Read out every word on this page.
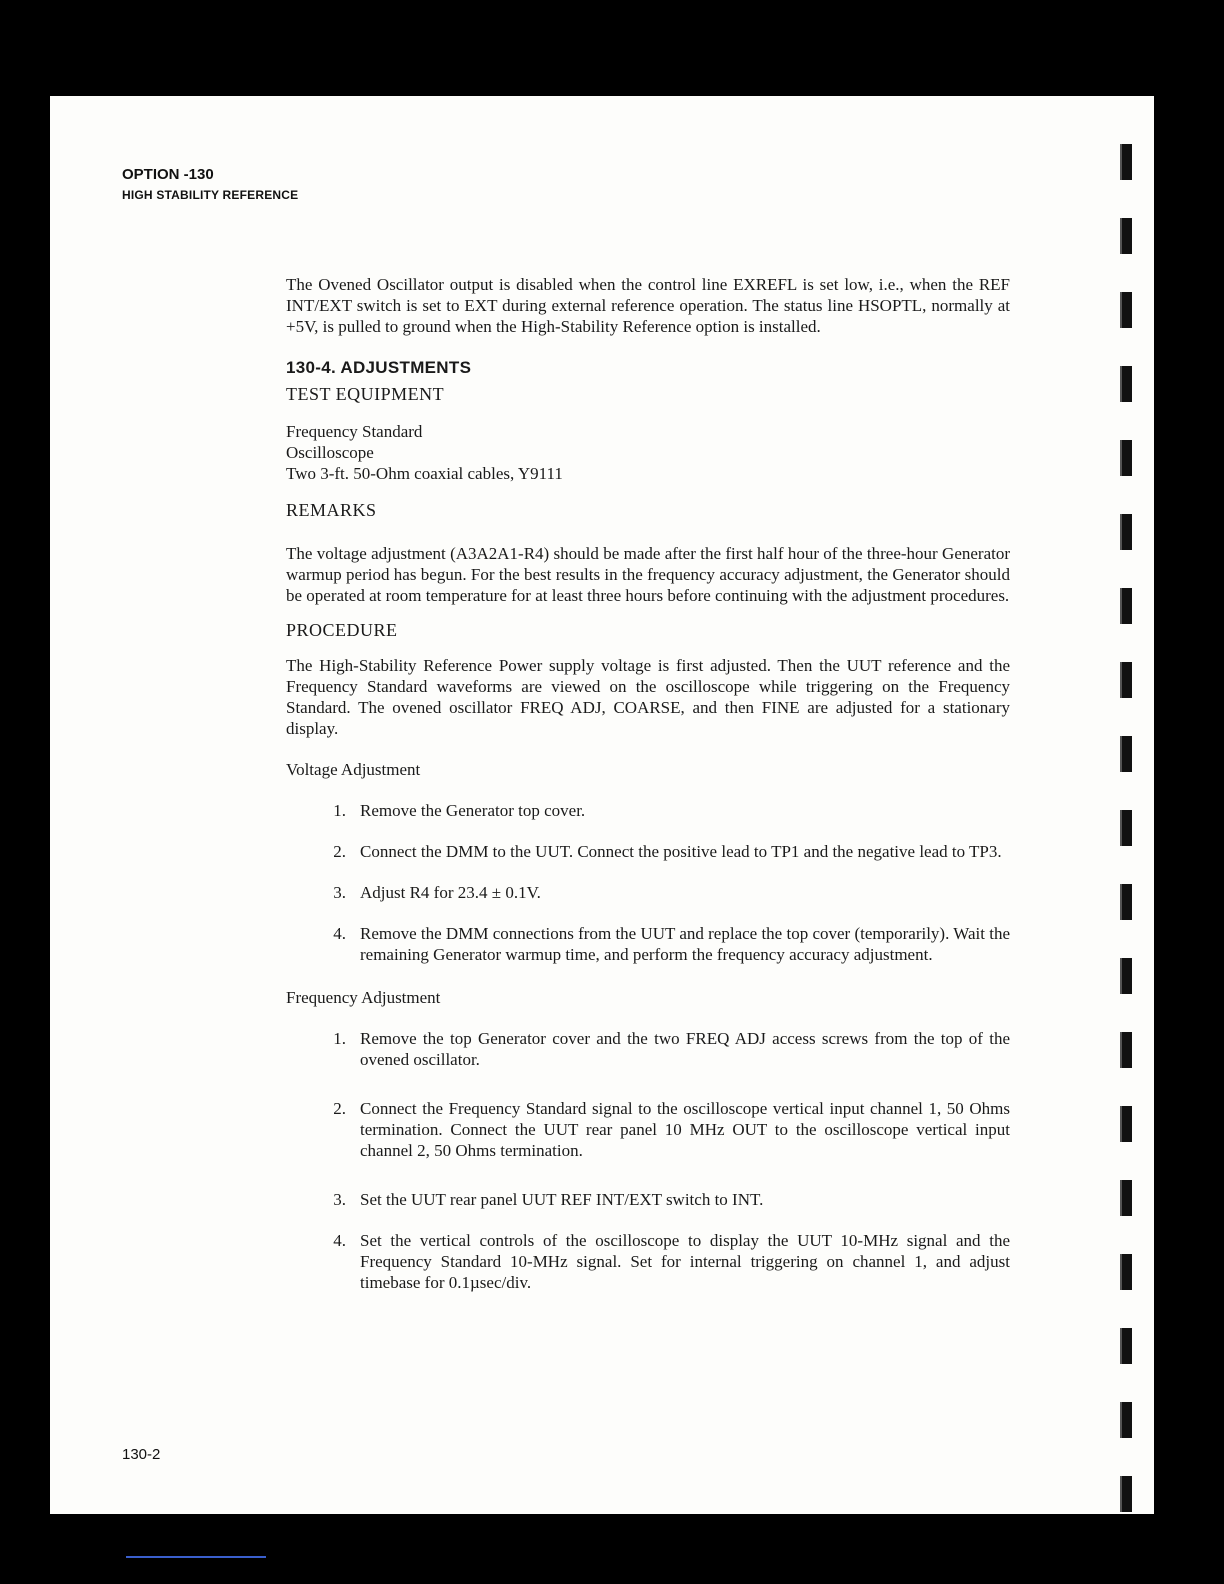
OPTION -130
HIGH STABILITY REFERENCE

The Ovened Oscillator output is disabled when the control line EXREFL is set low, i.e., when the REF INT/EXT switch is set to EXT during external reference operation. The status line HSOPTL, normally at +5V, is pulled to ground when the High-Stability Reference option is installed.

130-4. ADJUSTMENTS
TEST EQUIPMENT
Frequency Standard
Oscilloscope
Two 3-ft. 50-Ohm coaxial cables, Y9111
REMARKS

The voltage adjustment (A3A2A1-R4) should be made after the first half hour of the three-hour Generator warmup period has begun. For the best results in the frequency accuracy adjustment, the Generator should be operated at room temperature for at least three hours before continuing with the adjustment procedures.

PROCEDURE

The High-Stability Reference Power supply voltage is first adjusted. Then the UUT reference and the Frequency Standard waveforms are viewed on the oscilloscope while triggering on the Frequency Standard. The ovened oscillator FREQ ADJ, COARSE, and then FINE are adjusted for a stationary display.

Voltage Adjustment
1. Remove the Generator top cover.
2. Connect the DMM to the UUT. Connect the positive lead to TP1 and the negative lead to TP3.
3. Adjust R4 for 23.4 ± 0.1V.
4. Remove the DMM connections from the UUT and replace the top cover (temporarily). Wait the remaining Generator warmup time, and perform the frequency accuracy adjustment.
Frequency Adjustment
1. Remove the top Generator cover and the two FREQ ADJ access screws from the top of the ovened oscillator.
2. Connect the Frequency Standard signal to the oscilloscope vertical input channel 1, 50 Ohms termination. Connect the UUT rear panel 10 MHz OUT to the oscilloscope vertical input channel 2, 50 Ohms termination.
3. Set the UUT rear panel UUT REF INT/EXT switch to INT.
4. Set the vertical controls of the oscilloscope to display the UUT 10-MHz signal and the Frequency Standard 10-MHz signal. Set for internal triggering on channel 1, and adjust timebase for 0.1µsec/div.
130-2
